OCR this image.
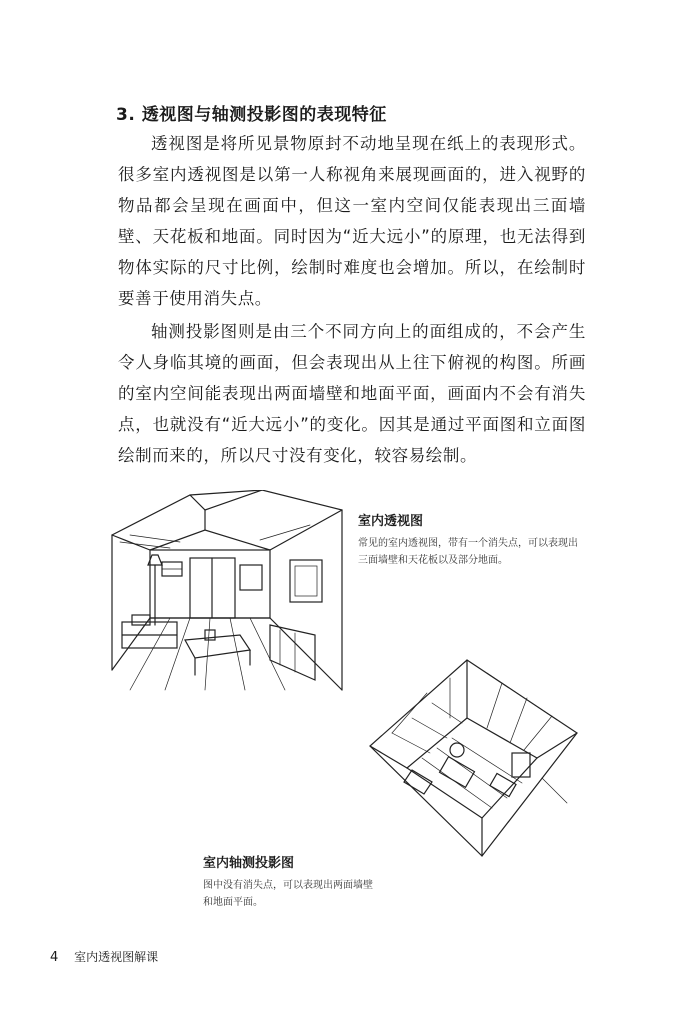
3. 透视图与轴测投影图的表现特征

透视图是将所见景物原封不动地呈现在纸上的表现形式。很多室内透视图是以第一人称视角来展现画面的，进入视野的物品都会呈现在画面中，但这一室内空间仅能表现出三面墙壁、天花板和地面。同时因为“近大远小”的原理，也无法得到物体实际的尺寸比例，绘制时难度也会增加。所以，在绘制时要善于使用消失点。

轴测投影图则是由三个不同方向上的面组成的，不会产生令人身临其境的画面，但会表现出从上往下俯视的构图。所画的室内空间能表现出两面墙壁和地面平面，画面内不会有消失点，也就没有“近大远小”的变化。因其是通过平面图和立面图绘制而来的，所以尺寸没有变化，较容易绘制。

室内透视图

常见的室内透视图，带有一个消失点，可以表现出三面墙壁和天花板以及部分地面。

室内轴测投影图

图中没有消失点，可以表现出两面墙壁和地面平面。

4 室内透视图解课
